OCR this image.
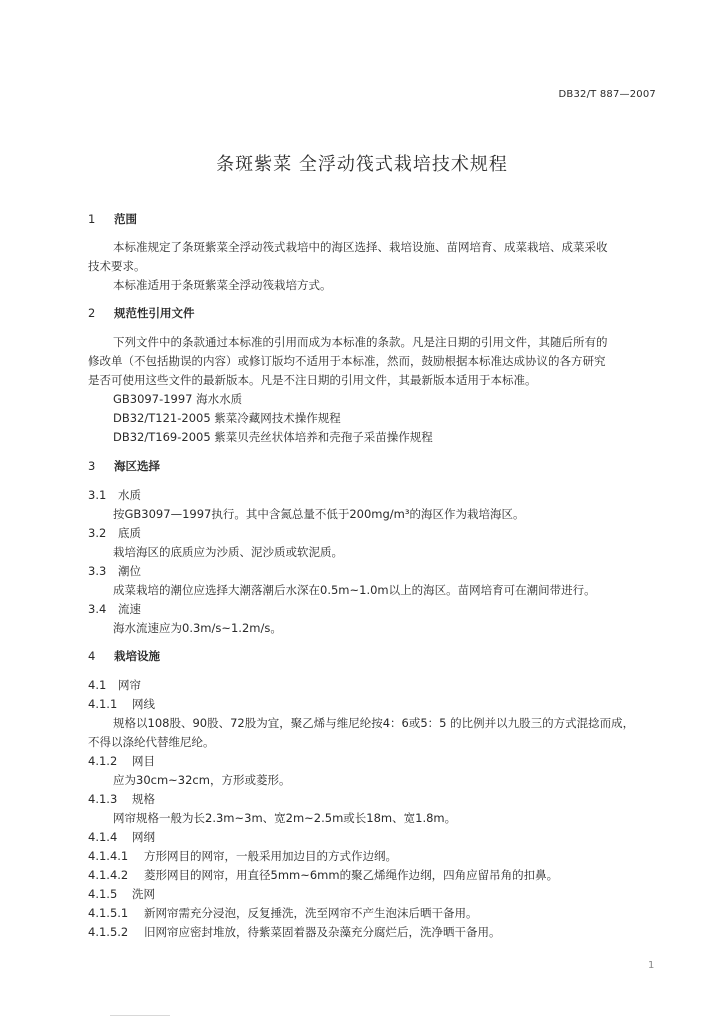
DB32/T 887—2007
条斑紫菜 全浮动筏式栽培技术规程
1 范围
本标准规定了条斑紫菜全浮动筏式栽培中的海区选择、栽培设施、苗网培育、成菜栽培、成菜采收
技术要求。
本标准适用于条斑紫菜全浮动筏栽培方式。
2 规范性引用文件
下列文件中的条款通过本标准的引用而成为本标准的条款。凡是注日期的引用文件，其随后所有的
修改单（不包括勘误的内容）或修订版均不适用于本标准，然而，鼓励根据本标准达成协议的各方研究
是否可使用这些文件的最新版本。凡是不注日期的引用文件，其最新版本适用于本标准。
GB3097-1997 海水水质
DB32/T121-2005 紫菜冷藏网技术操作规程
DB32/T169-2005 紫菜贝壳丝状体培养和壳孢子采苗操作规程
3 海区选择
3.1 水质
按GB3097—1997执行。其中含氮总量不低于200mg/m³的海区作为栽培海区。
3.2 底质
栽培海区的底质应为沙质、泥沙质或软泥质。
3.3 潮位
成菜栽培的潮位应选择大潮落潮后水深在0.5m~1.0m以上的海区。苗网培育可在潮间带进行。
3.4 流速
海水流速应为0.3m/s~1.2m/s。
4 栽培设施
4.1 网帘
4.1.1 网线
规格以108股、90股、72股为宜，聚乙烯与维尼纶按4：6或5：5 的比例并以九股三的方式混捻而成，
不得以涤纶代替维尼纶。
4.1.2 网目
应为30cm~32cm，方形或菱形。
4.1.3 规格
网帘规格一般为长2.3m~3m、宽2m~2.5m或长18m、宽1.8m。
4.1.4 网纲
4.1.4.1 方形网目的网帘，一般采用加边目的方式作边纲。
4.1.4.2 菱形网目的网帘，用直径5mm~6mm的聚乙烯绳作边纲，四角应留吊角的扣鼻。
4.1.5 洗网
4.1.5.1 新网帘需充分浸泡，反复捶洗，洗至网帘不产生泡沫后晒干备用。
4.1.5.2 旧网帘应密封堆放，待紫菜固着器及杂藻充分腐烂后，洗净晒干备用。
1
